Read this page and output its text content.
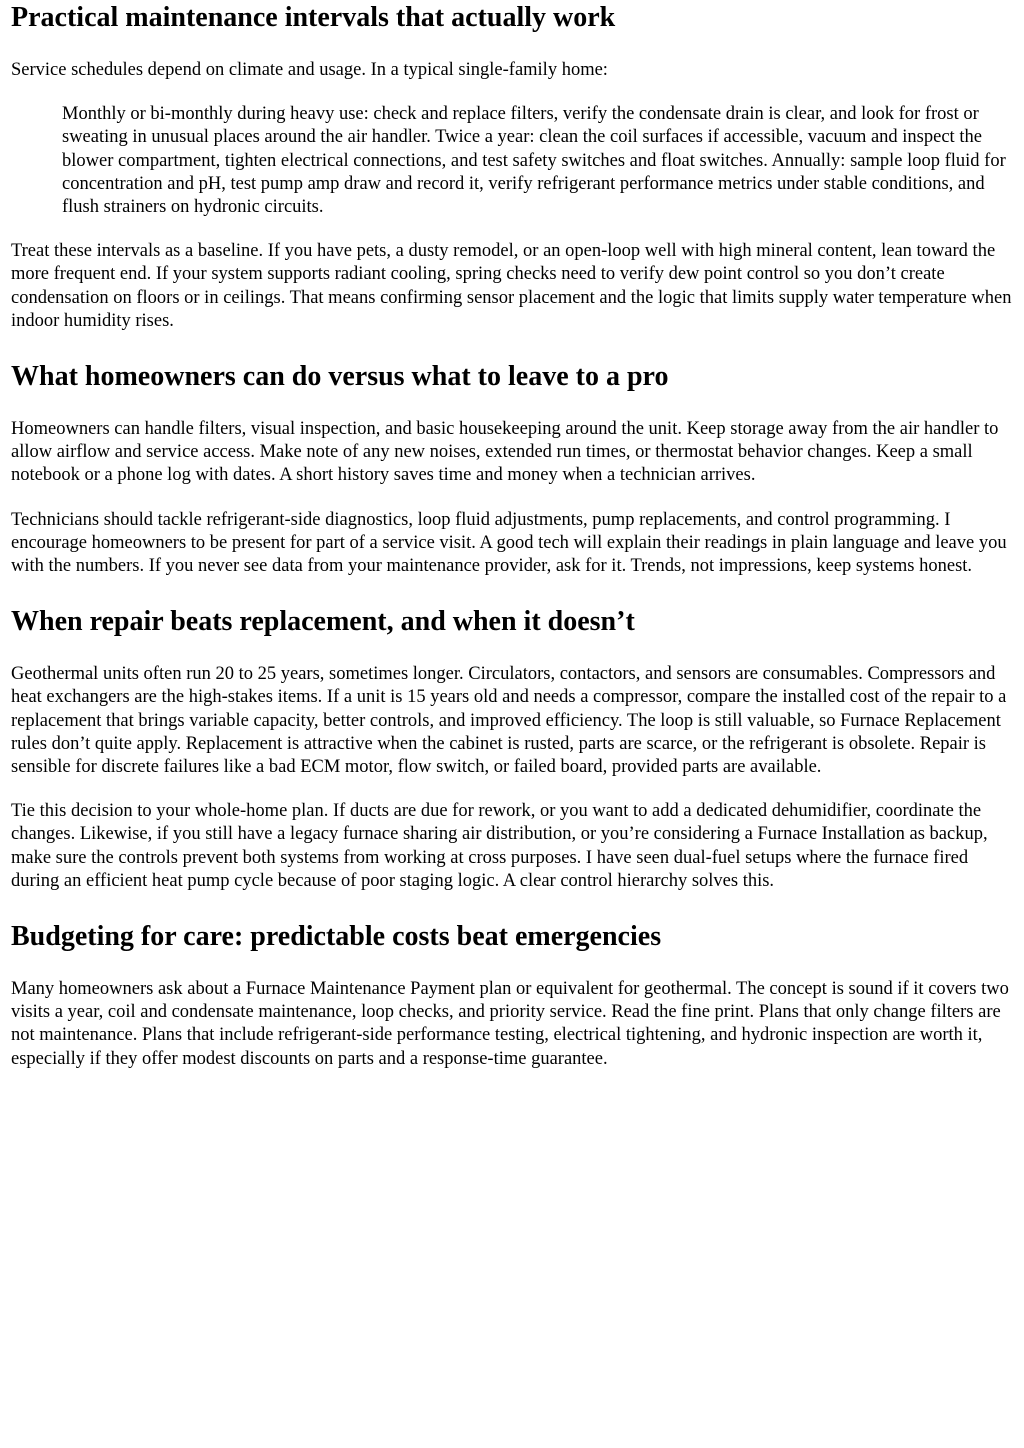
Practical maintenance intervals that actually work

Service schedules depend on climate and usage. In a typical single-family home:

Monthly or bi-monthly during heavy use: check and replace filters, verify the condensate drain is clear, and look for frost or sweating in unusual places around the air handler. Twice a year: clean the coil surfaces if accessible, vacuum and inspect the blower compartment, tighten electrical connections, and test safety switches and float switches. Annually: sample loop fluid for concentration and pH, test pump amp draw and record it, verify refrigerant performance metrics under stable conditions, and flush strainers on hydronic circuits.

Treat these intervals as a baseline. If you have pets, a dusty remodel, or an open-loop well with high mineral content, lean toward the more frequent end. If your system supports radiant cooling, spring checks need to verify dew point control so you don’t create condensation on floors or in ceilings. That means confirming sensor placement and the logic that limits supply water temperature when indoor humidity rises.

What homeowners can do versus what to leave to a pro

Homeowners can handle filters, visual inspection, and basic housekeeping around the unit. Keep storage away from the air handler to allow airflow and service access. Make note of any new noises, extended run times, or thermostat behavior changes. Keep a small notebook or a phone log with dates. A short history saves time and money when a technician arrives.

Technicians should tackle refrigerant-side diagnostics, loop fluid adjustments, pump replacements, and control programming. I encourage homeowners to be present for part of a service visit. A good tech will explain their readings in plain language and leave you with the numbers. If you never see data from your maintenance provider, ask for it. Trends, not impressions, keep systems honest.

When repair beats replacement, and when it doesn’t

Geothermal units often run 20 to 25 years, sometimes longer. Circulators, contactors, and sensors are consumables. Compressors and heat exchangers are the high-stakes items. If a unit is 15 years old and needs a compressor, compare the installed cost of the repair to a replacement that brings variable capacity, better controls, and improved efficiency. The loop is still valuable, so Furnace Replacement rules don’t quite apply. Replacement is attractive when the cabinet is rusted, parts are scarce, or the refrigerant is obsolete. Repair is sensible for discrete failures like a bad ECM motor, flow switch, or failed board, provided parts are available.

Tie this decision to your whole-home plan. If ducts are due for rework, or you want to add a dedicated dehumidifier, coordinate the changes. Likewise, if you still have a legacy furnace sharing air distribution, or you’re considering a Furnace Installation as backup, make sure the controls prevent both systems from working at cross purposes. I have seen dual-fuel setups where the furnace fired during an efficient heat pump cycle because of poor staging logic. A clear control hierarchy solves this.

Budgeting for care: predictable costs beat emergencies

Many homeowners ask about a Furnace Maintenance Payment plan or equivalent for geothermal. The concept is sound if it covers two visits a year, coil and condensate maintenance, loop checks, and priority service. Read the fine print. Plans that only change filters are not maintenance. Plans that include refrigerant-side performance testing, electrical tightening, and hydronic inspection are worth it, especially if they offer modest discounts on parts and a response-time guarantee.
